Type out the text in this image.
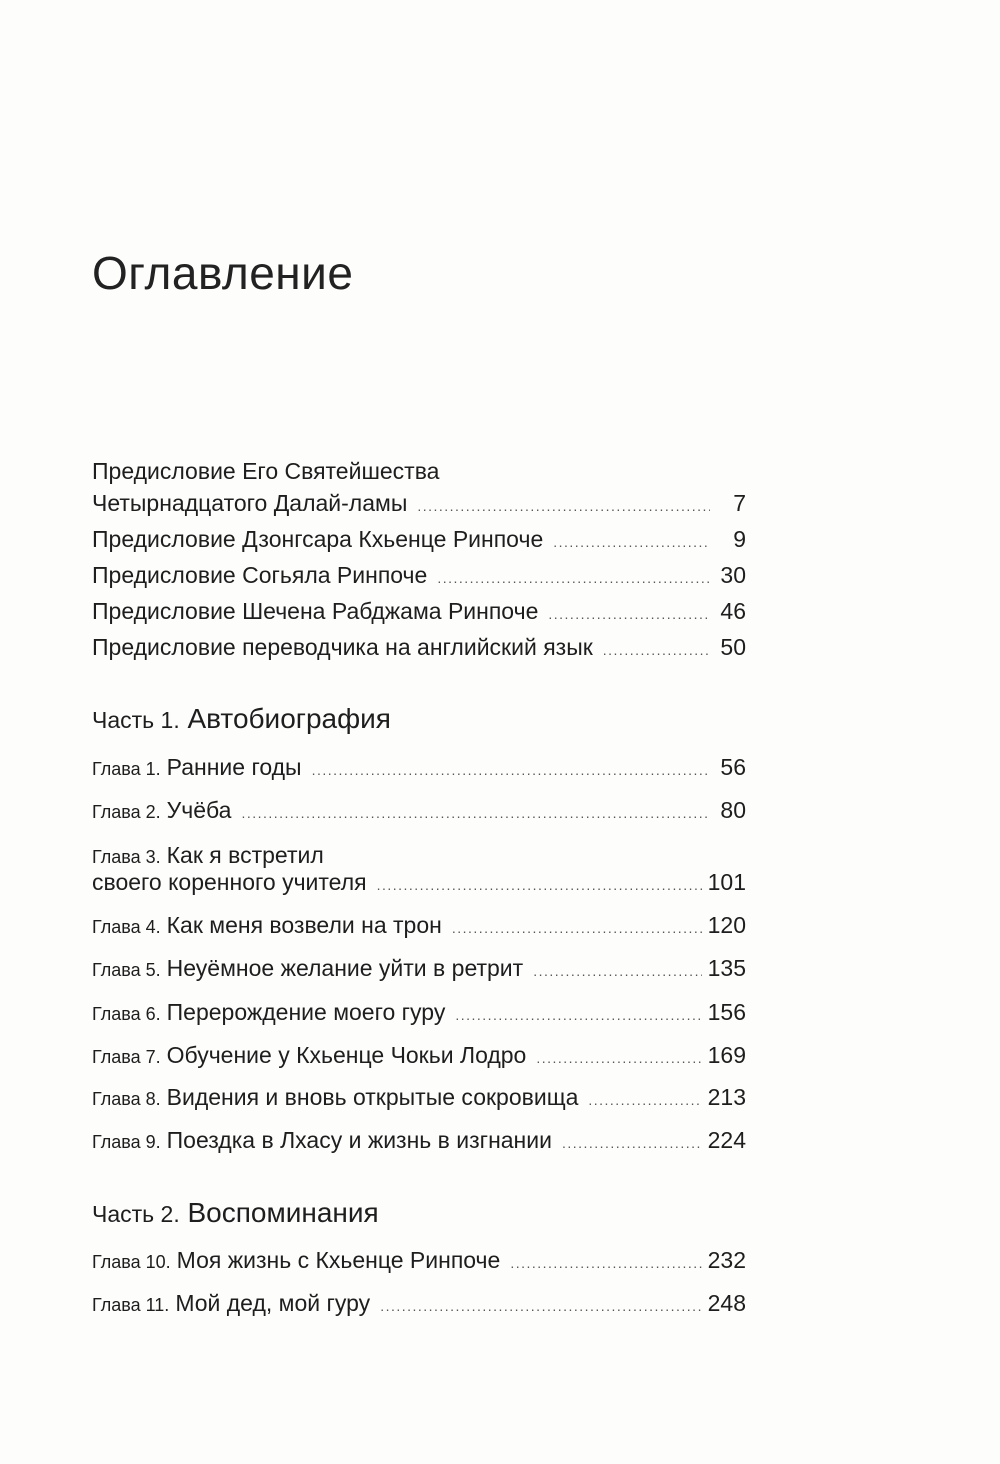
Оглавление
Предисловие Его Святейшества
Четырнадцатого Далай-ламы . . .	7
Предисловие Дзонгсара Кхьенце Ринпоче . . .	9
Предисловие Согьяла Ринпоче . . .	30
Предисловие Шечена Рабджама Ринпоче . . .	46
Предисловие переводчика на английский язык . . .	50
Часть 1. Автобиография
Глава 1. Ранние годы . . .	56
Глава 2. Учёба . . .	80
Глава 3. Как я встретил
своего коренного учителя . . .	101
Глава 4. Как меня возвели на трон . . .	120
Глава 5. Неуёмное желание уйти в ретрит . . .	135
Глава 6. Перерождение моего гуру . . .	156
Глава 7. Обучение у Кхьенце Чокьи Лодро . . .	169
Глава 8. Видения и вновь открытые сокровища . . .	213
Глава 9. Поездка в Лхасу и жизнь в изгнании . . .	224
Часть 2. Воспоминания
Глава 10. Моя жизнь с Кхьенце Ринпоче . . .	232
Глава 11. Мой дед, мой гуру . . .	248
